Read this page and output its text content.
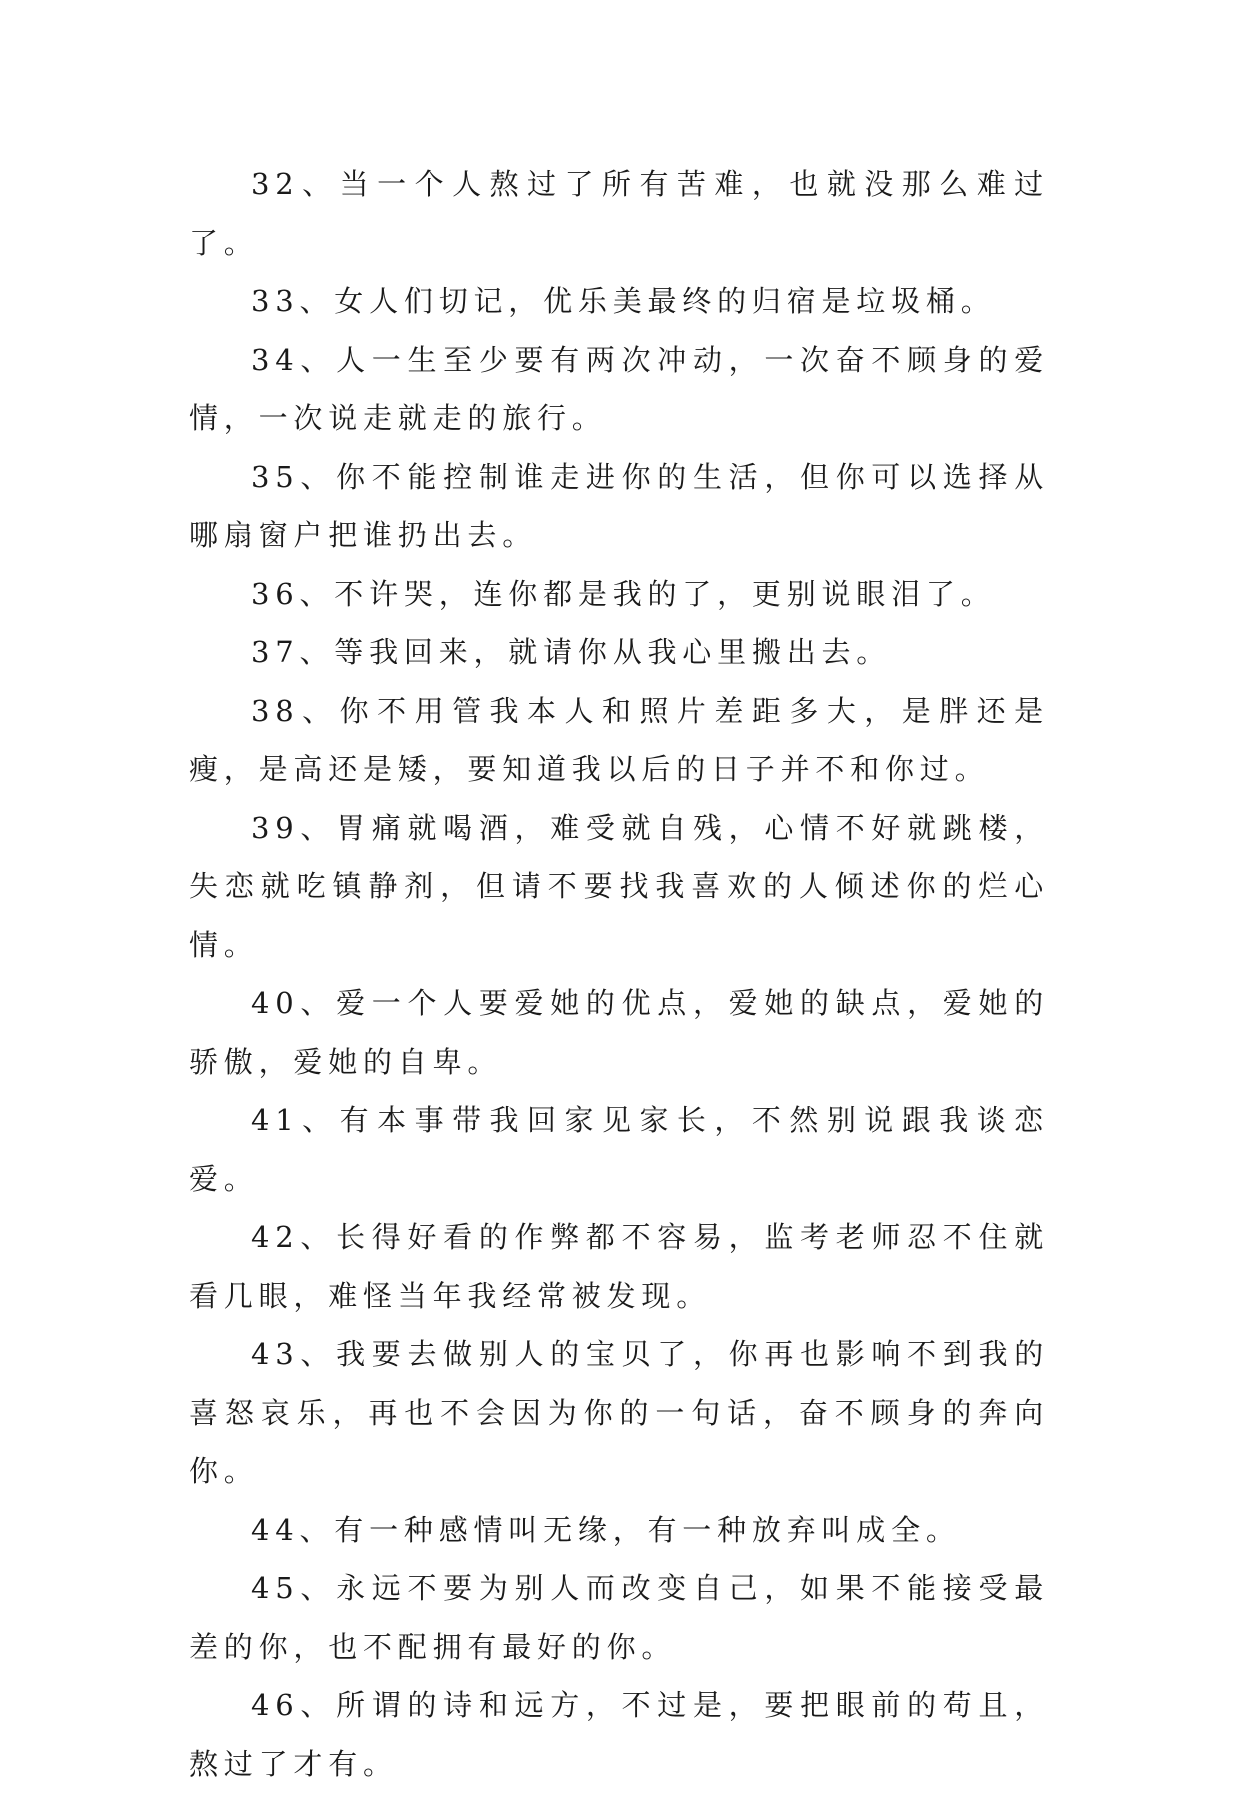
32、当一个人熬过了所有苦难，也就没那么难过了。

33、女人们切记，优乐美最终的归宿是垃圾桶。

34、人一生至少要有两次冲动，一次奋不顾身的爱情，一次说走就走的旅行。

35、你不能控制谁走进你的生活，但你可以选择从哪扇窗户把谁扔出去。

36、不许哭，连你都是我的了，更别说眼泪了。

37、等我回来，就请你从我心里搬出去。

38、你不用管我本人和照片差距多大，是胖还是瘦，是高还是矮，要知道我以后的日子并不和你过。

39、胃痛就喝酒，难受就自残，心情不好就跳楼，失恋就吃镇静剂，但请不要找我喜欢的人倾述你的烂心情。

40、爱一个人要爱她的优点，爱她的缺点，爱她的骄傲，爱她的自卑。

41、有本事带我回家见家长，不然别说跟我谈恋爱。

42、长得好看的作弊都不容易，监考老师忍不住就看几眼，难怪当年我经常被发现。

43、我要去做别人的宝贝了，你再也影响不到我的喜怒哀乐，再也不会因为你的一句话，奋不顾身的奔向你。

44、有一种感情叫无缘，有一种放弃叫成全。

45、永远不要为别人而改变自己，如果不能接受最差的你，也不配拥有最好的你。

46、所谓的诗和远方，不过是，要把眼前的苟且，熬过了才有。
